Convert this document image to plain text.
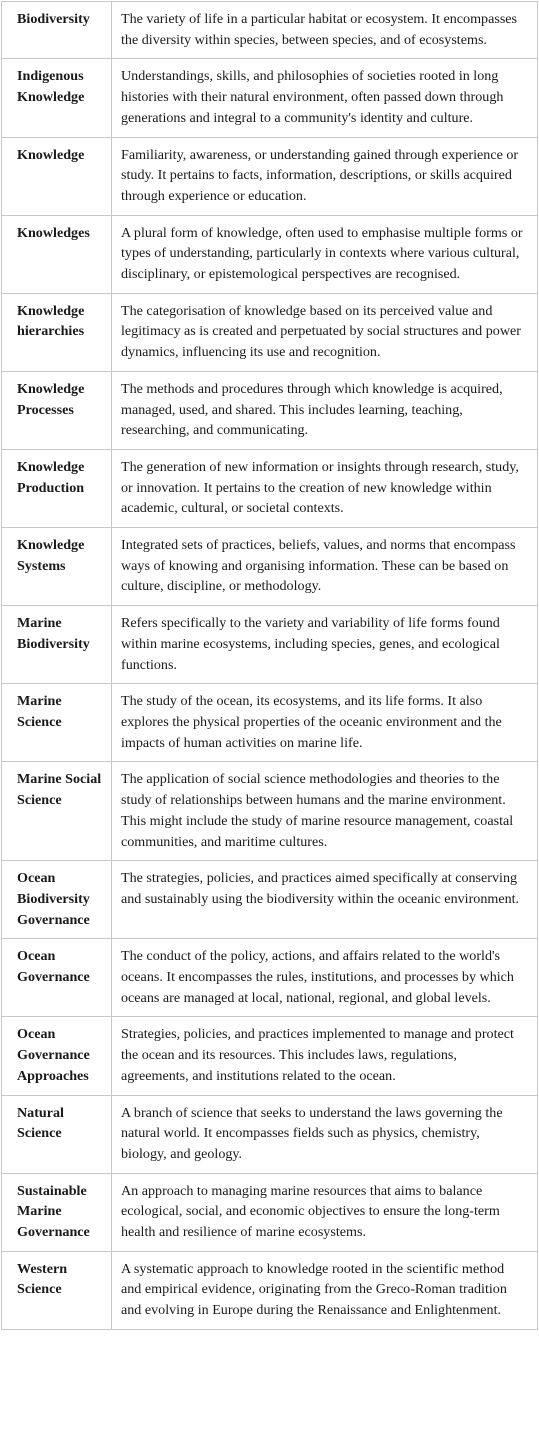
Biodiversity	The variety of life in a particular habitat or ecosystem. It encompasses the diversity within species, between species, and of ecosystems.
Indigenous Knowledge	Understandings, skills, and philosophies of societies rooted in long histories with their natural environment, often passed down through generations and integral to a community's identity and culture.
Knowledge	Familiarity, awareness, or understanding gained through experience or study. It pertains to facts, information, descriptions, or skills acquired through experience or education.
Knowledges	A plural form of knowledge, often used to emphasise multiple forms or types of understanding, particularly in contexts where various cultural, disciplinary, or epistemological perspectives are recognised.
Knowledge hierarchies	The categorisation of knowledge based on its perceived value and legitimacy as is created and perpetuated by social structures and power dynamics, influencing its use and recognition.
Knowledge Processes	The methods and procedures through which knowledge is acquired, managed, used, and shared. This includes learning, teaching, researching, and communicating.
Knowledge Production	The generation of new information or insights through research, study, or innovation. It pertains to the creation of new knowledge within academic, cultural, or societal contexts.
Knowledge Systems	Integrated sets of practices, beliefs, values, and norms that encompass ways of knowing and organising information. These can be based on culture, discipline, or methodology.
Marine Biodiversity	Refers specifically to the variety and variability of life forms found within marine ecosystems, including species, genes, and ecological functions.
Marine Science	The study of the ocean, its ecosystems, and its life forms. It also explores the physical properties of the oceanic environment and the impacts of human activities on marine life.
Marine Social Science	The application of social science methodologies and theories to the study of relationships between humans and the marine environment. This might include the study of marine resource management, coastal communities, and maritime cultures.
Ocean Biodiversity Governance	The strategies, policies, and practices aimed specifically at conserving and sustainably using the biodiversity within the oceanic environment.
Ocean Governance	The conduct of the policy, actions, and affairs related to the world's oceans. It encompasses the rules, institutions, and processes by which oceans are managed at local, national, regional, and global levels.
Ocean Governance Approaches	Strategies, policies, and practices implemented to manage and protect the ocean and its resources. This includes laws, regulations, agreements, and institutions related to the ocean.
Natural Science	A branch of science that seeks to understand the laws governing the natural world. It encompasses fields such as physics, chemistry, biology, and geology.
Sustainable Marine Governance	An approach to managing marine resources that aims to balance ecological, social, and economic objectives to ensure the long-term health and resilience of marine ecosystems.
Western Science	A systematic approach to knowledge rooted in the scientific method and empirical evidence, originating from the Greco-Roman tradition and evolving in Europe during the Renaissance and Enlightenment.
